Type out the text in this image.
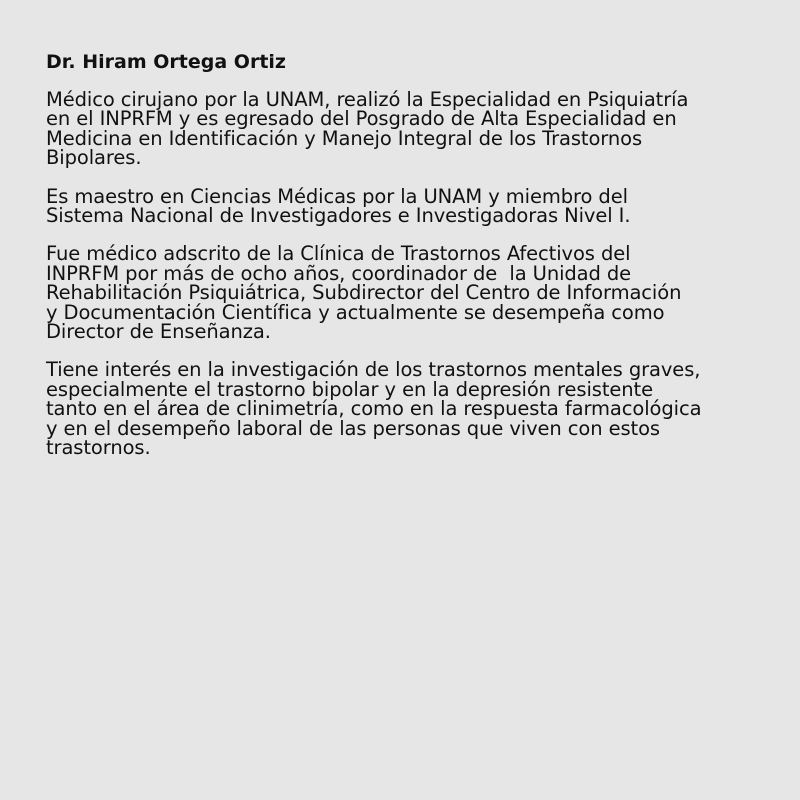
Dr. Hiram Ortega Ortiz
Médico cirujano por la UNAM, realizó la Especialidad en Psiquiatría
en el INPRFM y es egresado del Posgrado de Alta Especialidad en
Medicina en Identificación y Manejo Integral de los Trastornos
Bipolares.
Es maestro en Ciencias Médicas por la UNAM y miembro del
Sistema Nacional de Investigadores e Investigadoras Nivel I.
Fue médico adscrito de la Clínica de Trastornos Afectivos del
INPRFM por más de ocho años, coordinador de  la Unidad de
Rehabilitación Psiquiátrica, Subdirector del Centro de Información
y Documentación Científica y actualmente se desempeña como
Director de Enseñanza.
Tiene interés en la investigación de los trastornos mentales graves,
especialmente el trastorno bipolar y en la depresión resistente
tanto en el área de clinimetría, como en la respuesta farmacológica
y en el desempeño laboral de las personas que viven con estos
trastornos.
